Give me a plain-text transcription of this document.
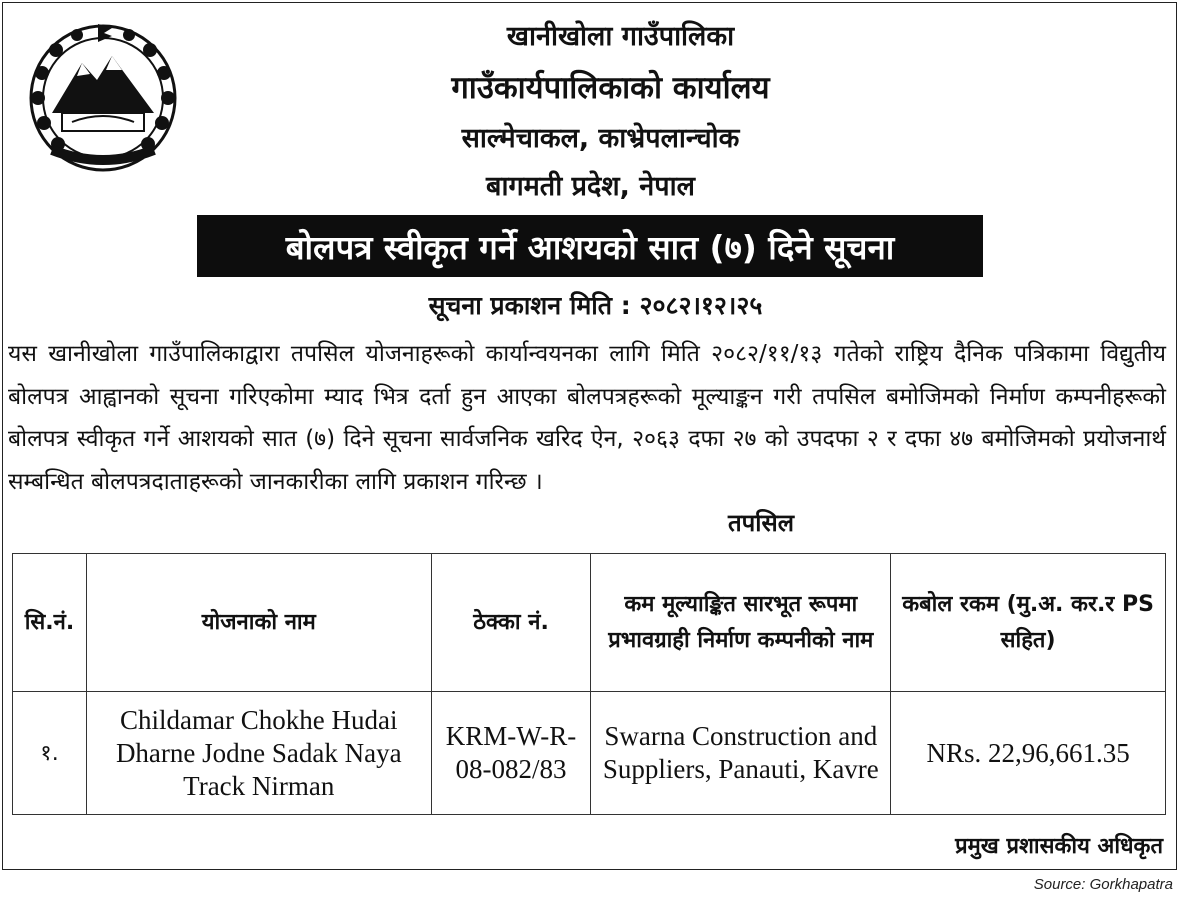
खानीखोला गाउँपालिका
गाउँकार्यपालिकाको कार्यालय
साल्मेचाकल, काभ्रेपलान्चोक
बागमती प्रदेश, नेपाल
बोलपत्र स्वीकृत गर्ने आशयको सात (७) दिने सूचना
सूचना प्रकाशन मिति : २०८२।१२।२५
यस खानीखोला गाउँपालिकाद्वारा तपसिल योजनाहरूको कार्यान्वयनका लागि मिति २०८२/११/१३ गतेको राष्ट्रिय दैनिक पत्रिकामा विद्युतीय बोलपत्र आह्वानको सूचना गरिएकोमा म्याद भित्र दर्ता हुन आएका बोलपत्रहरूको मूल्याङ्कन गरी तपसिल बमोजिमको निर्माण कम्पनीहरूको बोलपत्र स्वीकृत गर्ने आशयको सात (७) दिने सूचना सार्वजनिक खरिद ऐन, २०६३ दफा २७ को उपदफा २ र दफा ४७ बमोजिमको प्रयोजनार्थ सम्बन्धित बोलपत्रदाताहरूको जानकारीका लागि प्रकाशन गरिन्छ ।
तपसिल
सि.नं.	योजनाको नाम	ठेक्का नं.	कम मूल्याङ्कित सारभूत रूपमा प्रभावग्राही निर्माण कम्पनीको नाम	कबोल रकम (मु.अ. कर.र PS सहित)
१.	Childamar Chokhe Hudai Dharne Jodne Sadak Naya Track Nirman	KRM-W-R-08-082/83	Swarna Construction and Suppliers, Panauti, Kavre	NRs. 22,96,661.35
प्रमुख प्रशासकीय अधिकृत
Source: Gorkhapatra
